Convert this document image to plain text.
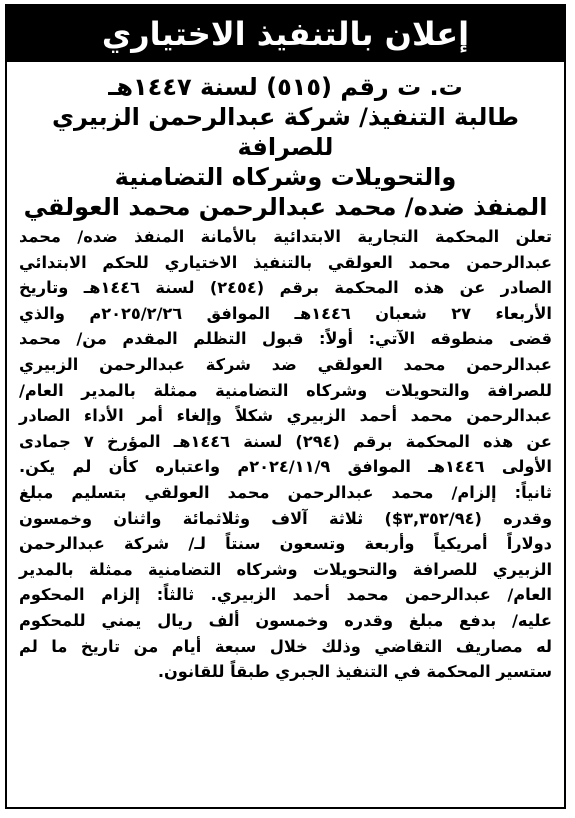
إعلان بالتنفيذ الاختياري

ت. ت رقم (٥١٥) لسنة ١٤٤٧هـ

طالبة التنفيذ/ شركة عبدالرحمن الزبيري للصرافة

والتحويلات وشركاه التضامنية

المنفذ ضده/ محمد عبدالرحمن محمد العولقي

تعلن المحكمة التجارية الابتدائية بالأمانة المنفذ ضده/ محمد

عبدالرحمن محمد العولقي بالتنفيذ الاختياري للحكم الابتدائي

الصادر عن هذه المحكمة برقم (٢٤٥٤) لسنة ١٤٤٦هـ وتاريخ

الأربعاء ٢٧ شعبان ١٤٤٦هـ الموافق ٢٠٢٥/٢/٢٦م والذي

قضى منطوقه الآتي: أولاً: قبول التظلم المقدم من/ محمد

عبدالرحمن محمد العولقي ضد شركة عبدالرحمن الزبيري

للصرافة والتحويلات وشركاه التضامنية ممثلة بالمدير العام/

عبدالرحمن محمد أحمد الزبيري شكلاً وإلغاء أمر الأداء الصادر

عن هذه المحكمة برقم (٢٩٤) لسنة ١٤٤٦هـ المؤرخ ٧ جمادى

الأولى ١٤٤٦هـ الموافق ٢٠٢٤/١١/٩م واعتباره كأن لم يكن.

ثانياً: إلزام/ محمد عبدالرحمن محمد العولقي بتسليم مبلغ

وقدره (٣,٣٥٢/٩٤$) ثلاثة آلاف وثلاثمائة واثنان وخمسون

دولاراً أمريكياً وأربعة وتسعون سنتاً لـ/ شركة عبدالرحمن

الزبيري للصرافة والتحويلات وشركاه التضامنية ممثلة بالمدير

العام/ عبدالرحمن محمد أحمد الزبيري. ثالثاً: إلزام المحكوم

عليه/ بدفع مبلغ وقدره وخمسون ألف ريال يمني للمحكوم

له مصاريف التقاضي وذلك خلال سبعة أيام من تاريخ ما لم

ستسير المحكمة في التنفيذ الجبري طبقاً للقانون.
